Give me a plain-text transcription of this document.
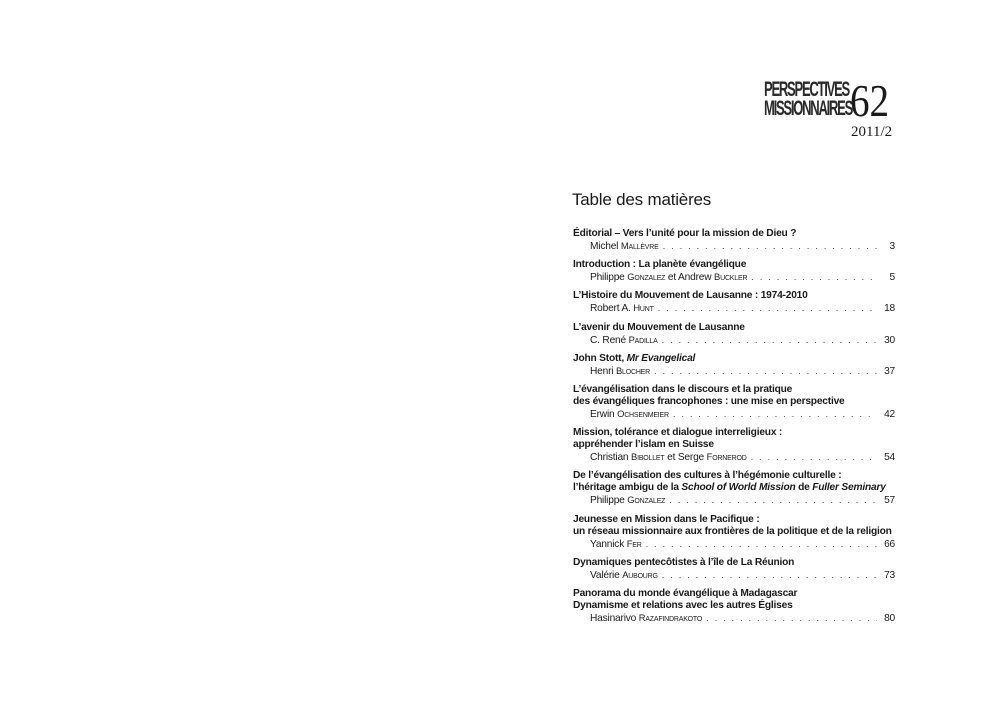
PERSPECTIVES
MISSIONNAIRES
62
2011/2
Table des matières
Éditorial – Vers l’unité pour la mission de Dieu ?
Michel Mallèvre . . .	3
Introduction : La planète évangélique
Philippe Gonzalez et Andrew Buckler . . .	5
L’Histoire du Mouvement de Lausanne : 1974-2010
Robert A. Hunt . . .	18
L’avenir du Mouvement de Lausanne
C. René Padilla . . .	30
John Stott, Mr Evangelical
Henri Blocher . . .	37
L’évangélisation dans le discours et la pratique
des évangéliques francophones : une mise en perspective
Erwin Ochsenmeier . . .	42
Mission, tolérance et dialogue interreligieux :
appréhender l’islam en Suisse
Christian Bibollet et Serge Fornerod . . .	54
De l’évangélisation des cultures à l’hégémonie culturelle :
l’héritage ambigu de la School of World Mission de Fuller Seminary
Philippe Gonzalez . . .	57
Jeunesse en Mission dans le Pacifique :
un réseau missionnaire aux frontières de la politique et de la religion
Yannick Fer . . .	66
Dynamiques pentecôtistes à l’île de La Réunion
Valérie Aubourg . . .	73
Panorama du monde évangélique à Madagascar
Dynamisme et relations avec les autres Églises
Hasinarivo Razafindrakoto . . .	80
